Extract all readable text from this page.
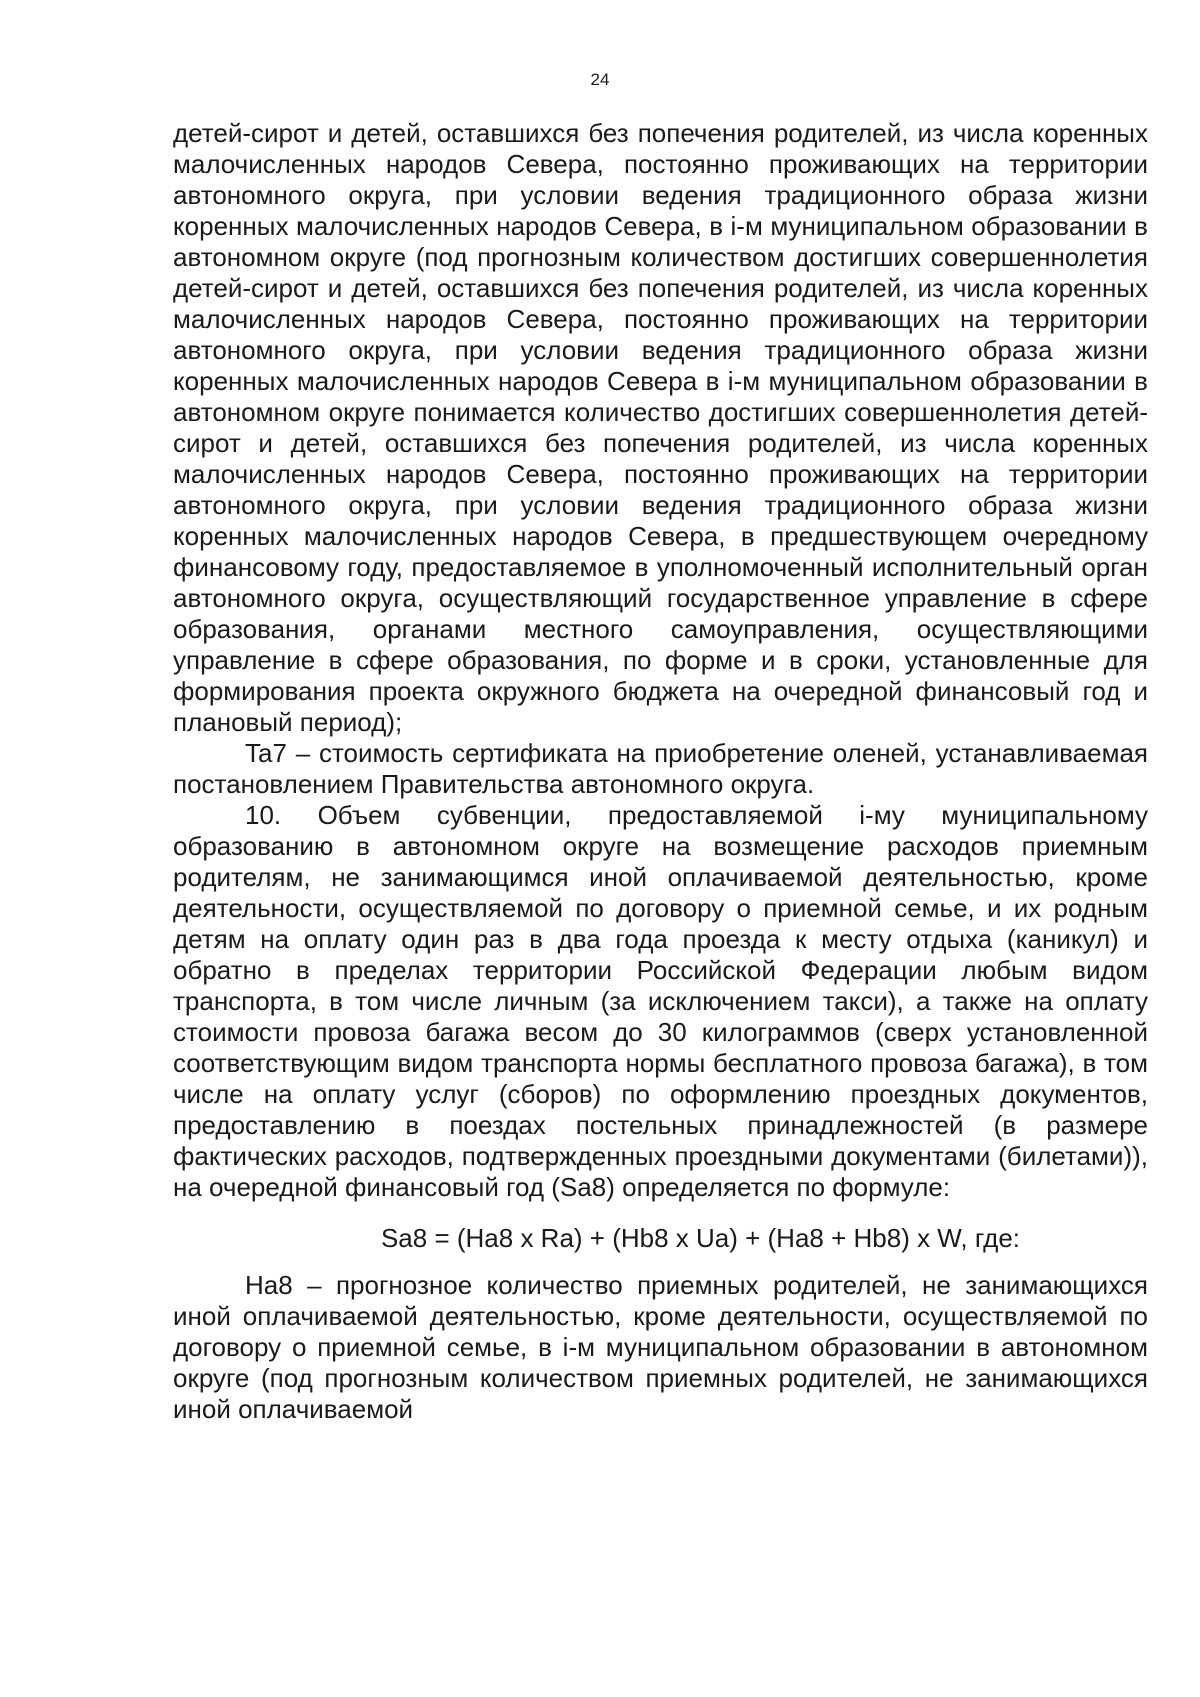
24

детей-сирот и детей, оставшихся без попечения родителей, из числа коренных малочисленных народов Севера, постоянно проживающих на территории автономного округа, при условии ведения традиционного образа жизни коренных малочисленных народов Севера, в i-м муниципальном образовании в автономном округе (под прогнозным количеством достигших совершеннолетия детей-сирот и детей, оставшихся без попечения родителей, из числа коренных малочисленных народов Севера, постоянно проживающих на территории автономного округа, при условии ведения традиционного образа жизни коренных малочисленных народов Севера в i-м муниципальном образовании в автономном округе понимается количество достигших совершеннолетия детей-сирот и детей, оставшихся без попечения родителей, из числа коренных малочисленных народов Севера, постоянно проживающих на территории автономного округа, при условии ведения традиционного образа жизни коренных малочисленных народов Севера, в предшествующем очередному финансовому году, предоставляемое в уполномоченный исполнительный орган автономного округа, осуществляющий государственное управление в сфере образования, органами местного самоуправления, осуществляющими управление в сфере образования, по форме и в сроки, установленные для формирования проекта окружного бюджета на очередной финансовый год и плановый период);

Ta7 – стоимость сертификата на приобретение оленей, устанавливаемая постановлением Правительства автономного округа.

10. Объем субвенции, предоставляемой i-му муниципальному образованию в автономном округе на возмещение расходов приемным родителям, не занимающимся иной оплачиваемой деятельностью, кроме деятельности, осуществляемой по договору о приемной семье, и их родным детям на оплату один раз в два года проезда к месту отдыха (каникул) и обратно в пределах территории Российской Федерации любым видом транспорта, в том числе личным (за исключением такси), а также на оплату стоимости провоза багажа весом до 30 килограммов (сверх установленной соответствующим видом транспорта нормы бесплатного провоза багажа), в том числе на оплату услуг (сборов) по оформлению проездных документов, предоставлению в поездах постельных принадлежностей (в размере фактических расходов, подтвержденных проездными документами (билетами)), на очередной финансовый год (Sa8) определяется по формуле:

Sa8 = (Ha8 x Ra) + (Hb8 x Ua) + (Ha8 + Hb8) x W, где:

Ha8 – прогнозное количество приемных родителей, не занимающихся иной оплачиваемой деятельностью, кроме деятельности, осуществляемой по договору о приемной семье, в i-м муниципальном образовании в автономном округе (под прогнозным количеством приемных родителей, не занимающихся иной оплачиваемой
